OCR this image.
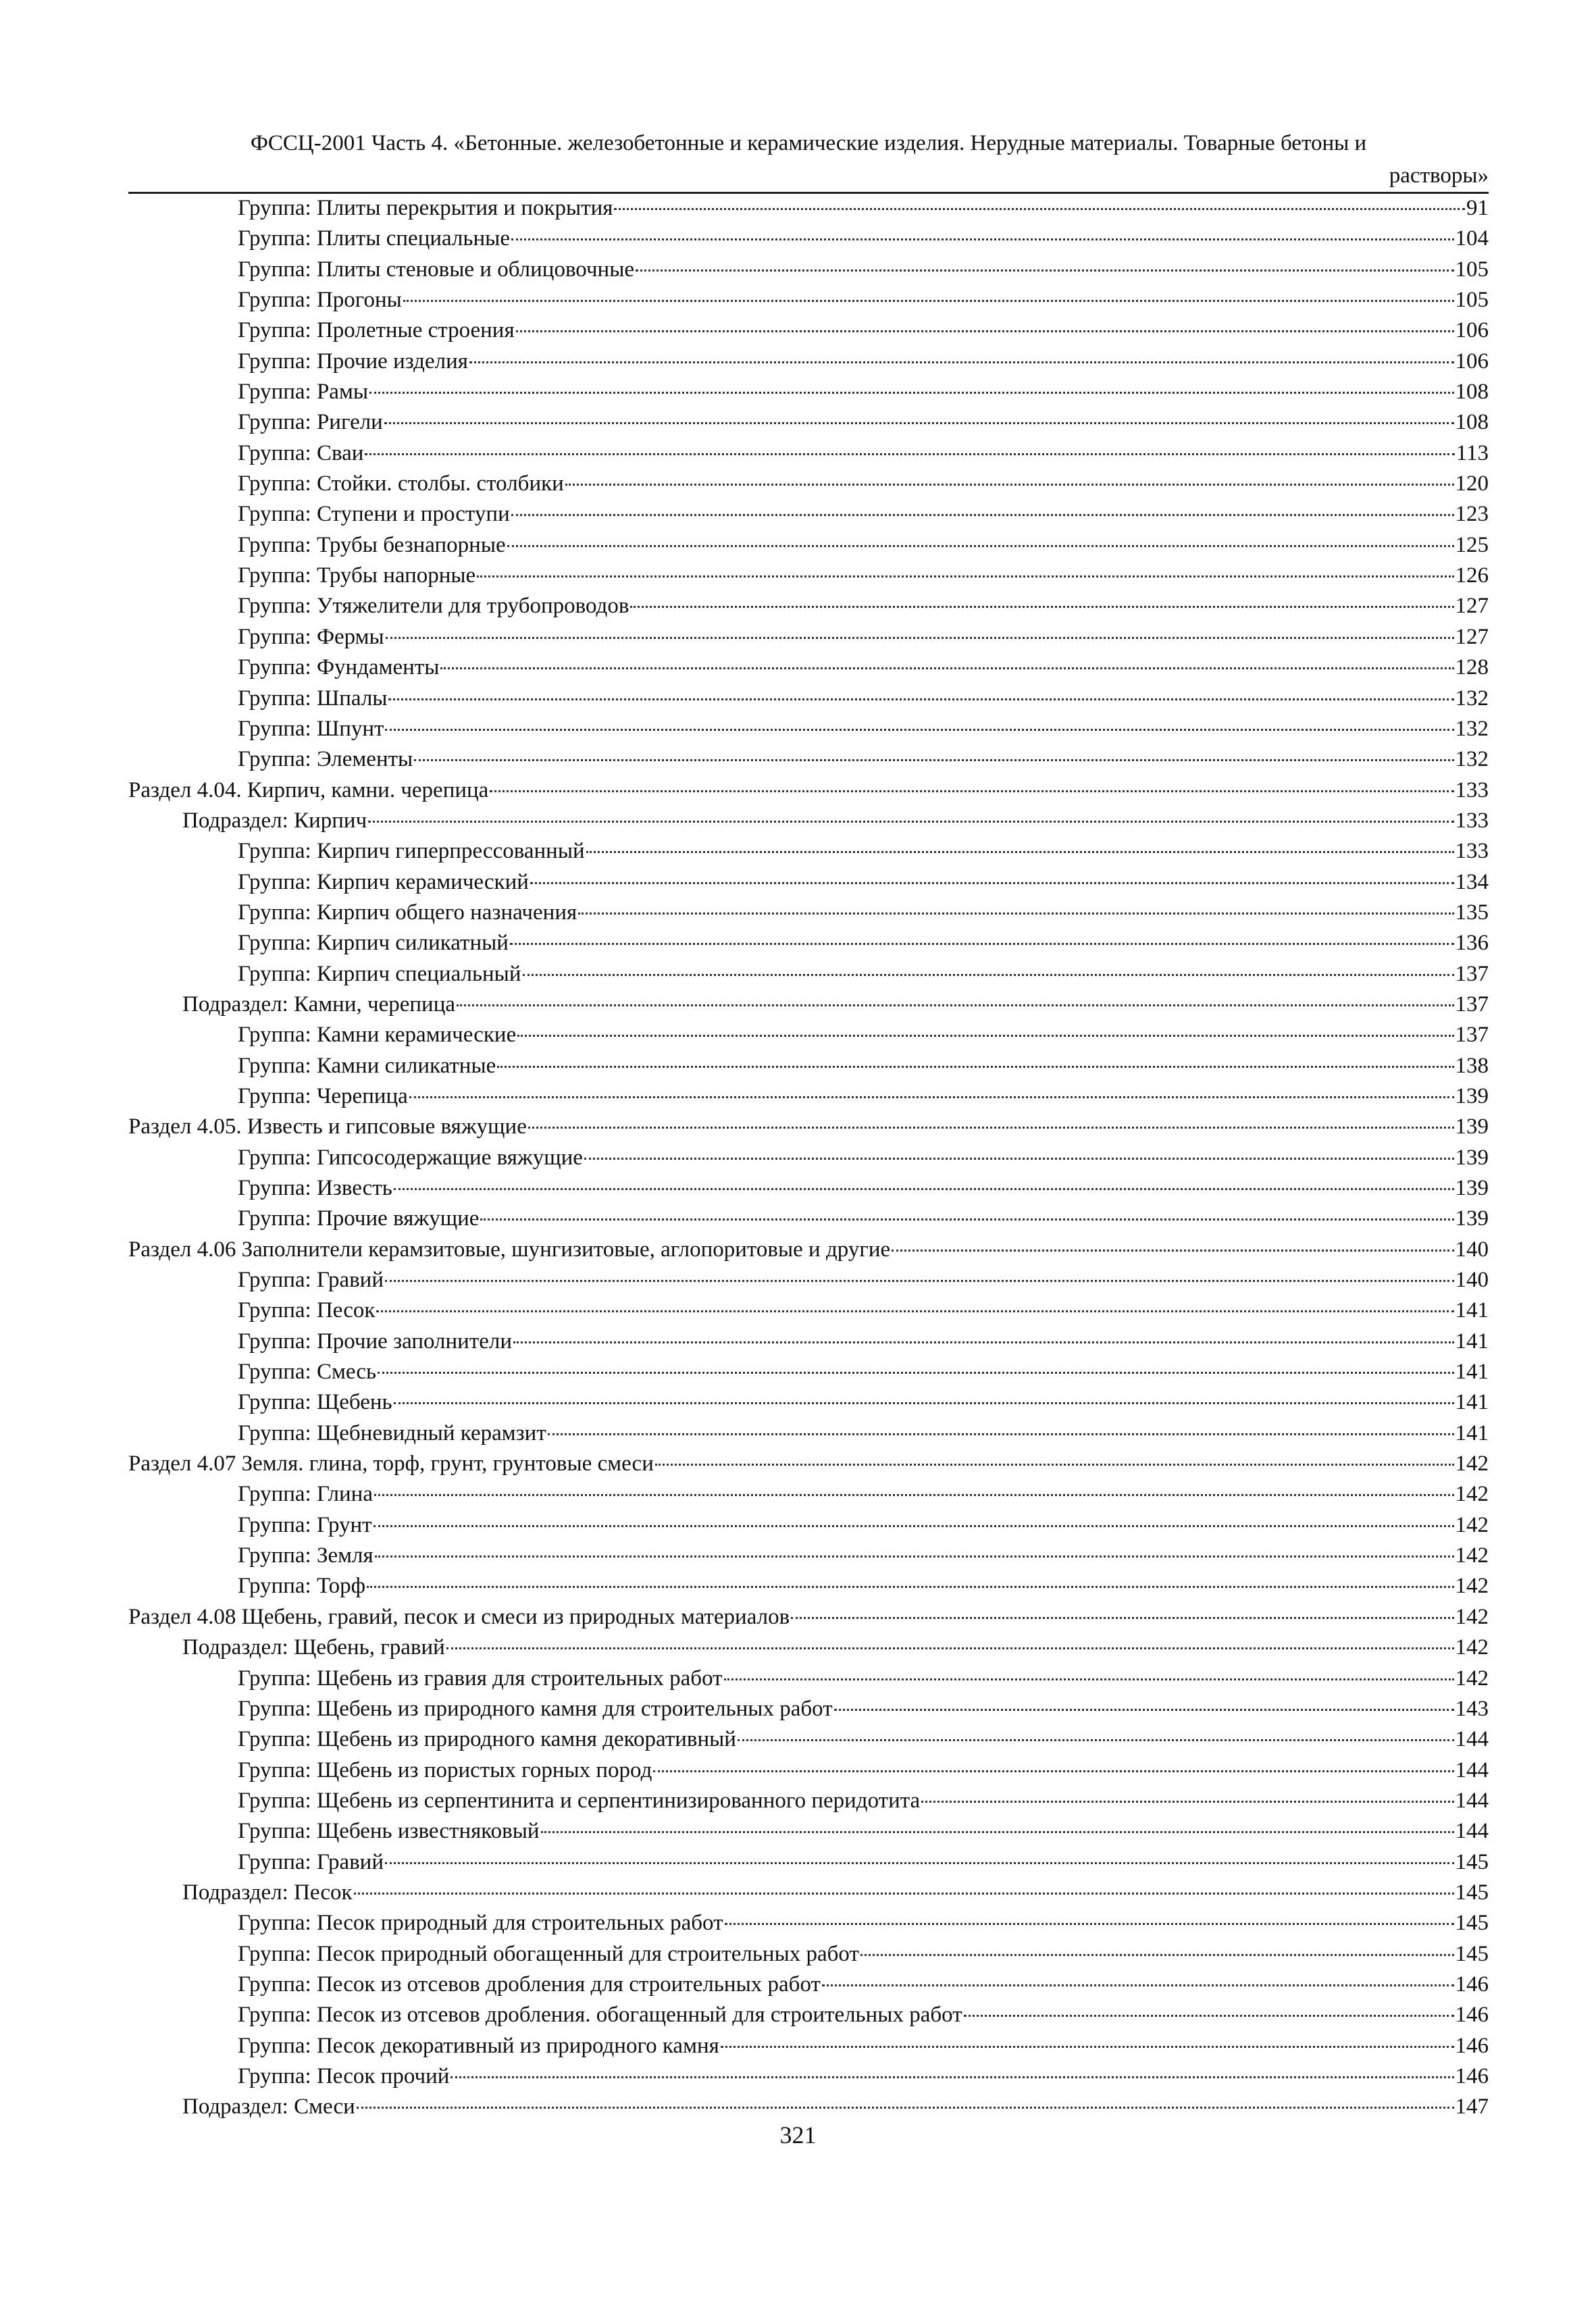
ФССЦ-2001 Часть 4. «Бетонные. железобетонные и керамические изделия. Нерудные материалы. Товарные бетоны и
растворы»
Группа: Плиты перекрытия и покрытия	91
Группа: Плиты специальные	104
Группа: Плиты стеновые и облицовочные	105
Группа: Прогоны	105
Группа: Пролетные строения	106
Группа: Прочие изделия	106
Группа: Рамы	108
Группа: Ригели	108
Группа: Сваи	113
Группа: Стойки. столбы. столбики	120
Группа: Ступени и проступи	123
Группа: Трубы безнапорные	125
Группа: Трубы напорные	126
Группа: Утяжелители для трубопроводов	127
Группа: Фермы	127
Группа: Фундаменты	128
Группа: Шпалы	132
Группа: Шпунт	132
Группа: Элементы	132
Раздел 4.04. Кирпич, камни. черепица	133
Подраздел: Кирпич	133
Группа: Кирпич гиперпрессованный	133
Группа: Кирпич керамический	134
Группа: Кирпич общего назначения	135
Группа: Кирпич силикатный	136
Группа: Кирпич специальный	137
Подраздел: Камни, черепица	137
Группа: Камни керамические	137
Группа: Камни силикатные	138
Группа: Черепица	139
Раздел 4.05. Известь и гипсовые вяжущие	139
Группа: Гипсосодержащие вяжущие	139
Группа: Известь	139
Группа: Прочие вяжущие	139
Раздел 4.06 Заполнители керамзитовые, шунгизитовые, аглопоритовые и другие	140
Группа: Гравий	140
Группа: Песок	141
Группа: Прочие заполнители	141
Группа: Смесь	141
Группа: Щебень	141
Группа: Щебневидный керамзит	141
Раздел 4.07 Земля. глина, торф, грунт, грунтовые смеси	142
Группа: Глина	142
Группа: Грунт	142
Группа: Земля	142
Группа: Торф	142
Раздел 4.08 Щебень, гравий, песок и смеси из природных материалов	142
Подраздел: Щебень, гравий	142
Группа: Щебень из гравия для строительных работ	142
Группа: Щебень из природного камня для строительных работ	143
Группа: Щебень из природного камня декоративный	144
Группа: Щебень из пористых горных пород	144
Группа: Щебень из серпентинита и серпентинизированного перидотита	144
Группа: Щебень известняковый	144
Группа: Гравий	145
Подраздел: Песок	145
Группа: Песок природный для строительных работ	145
Группа: Песок природный обогащенный для строительных работ	145
Группа: Песок из отсевов дробления для строительных работ	146
Группа: Песок из отсевов дробления. обогащенный для строительных работ	146
Группа: Песок декоративный из природного камня	146
Группа: Песок прочий	146
Подраздел: Смеси	147
321
